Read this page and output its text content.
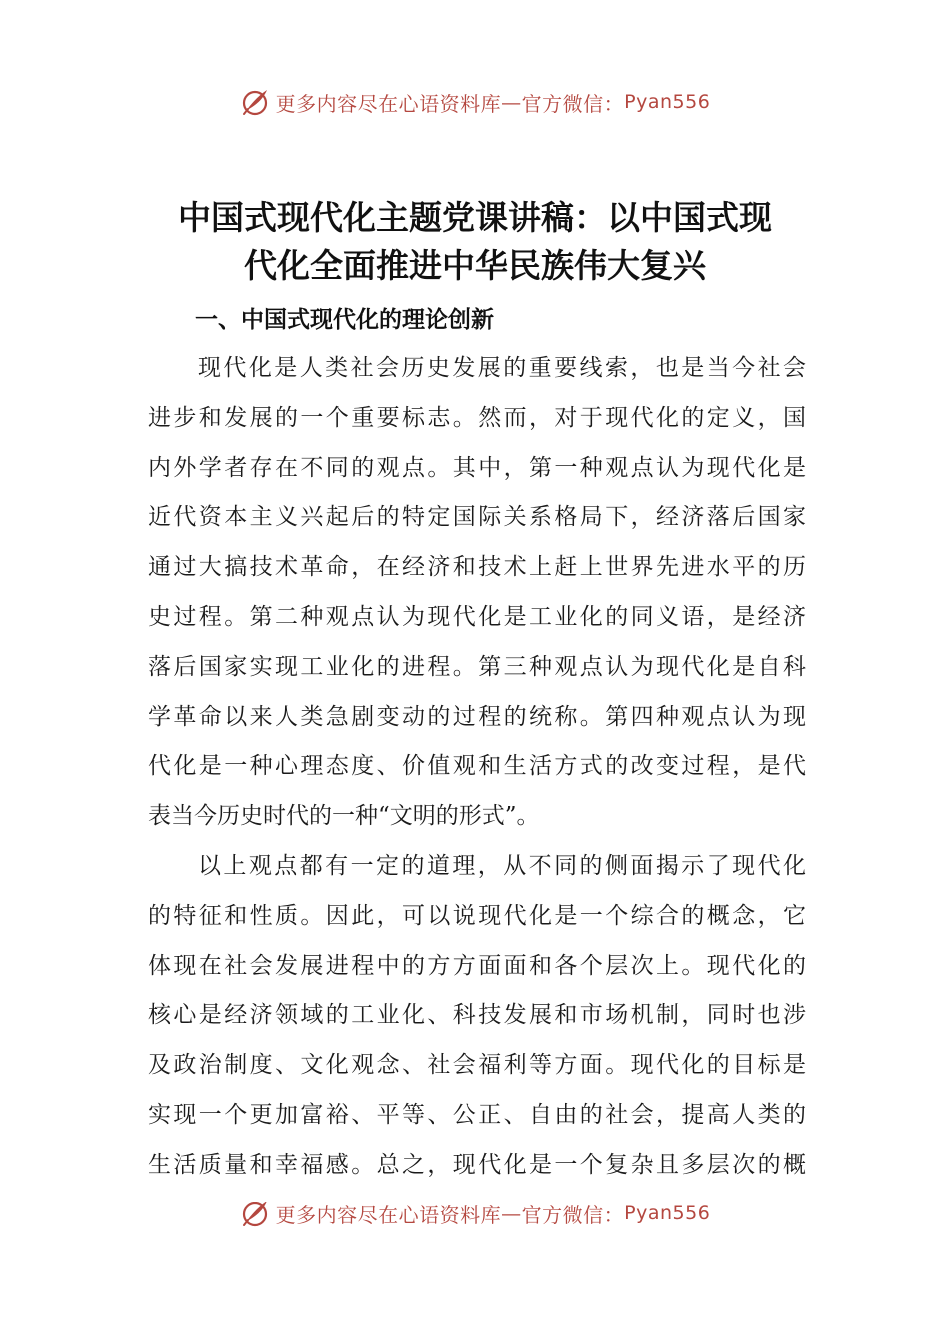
更多内容尽在心语资料库 — 官方微信： Pyan556
中国式现代化主题党课讲稿：以中国式现
代化全面推进中华民族伟大复兴
一、中国式现代化的理论创新
现代化是人类社会历史发展的重要线索，也是当今社会
进步和发展的一个重要标志。然而，对于现代化的定义，国
内外学者存在不同的观点。其中，第一种观点认为现代化是
近代资本主义兴起后的特定国际关系格局下，经济落后国家
通过大搞技术革命，在经济和技术上赶上世界先进水平的历
史过程。第二种观点认为现代化是工业化的同义语，是经济
落后国家实现工业化的进程。第三种观点认为现代化是自科
学革命以来人类急剧变动的过程的统称。第四种观点认为现
代化是一种心理态度、价值观和生活方式的改变过程，是代
表当今历史时代的一种“文明的形式”。
以上观点都有一定的道理，从不同的侧面揭示了现代化
的特征和性质。因此，可以说现代化是一个综合的概念，它
体现在社会发展进程中的方方面面和各个层次上。现代化的
核心是经济领域的工业化、科技发展和市场机制，同时也涉
及政治制度、文化观念、社会福利等方面。现代化的目标是
实现一个更加富裕、平等、公正、自由的社会，提高人类的
生活质量和幸福感。总之，现代化是一个复杂且多层次的概
更多内容尽在心语资料库 — 官方微信： Pyan556
